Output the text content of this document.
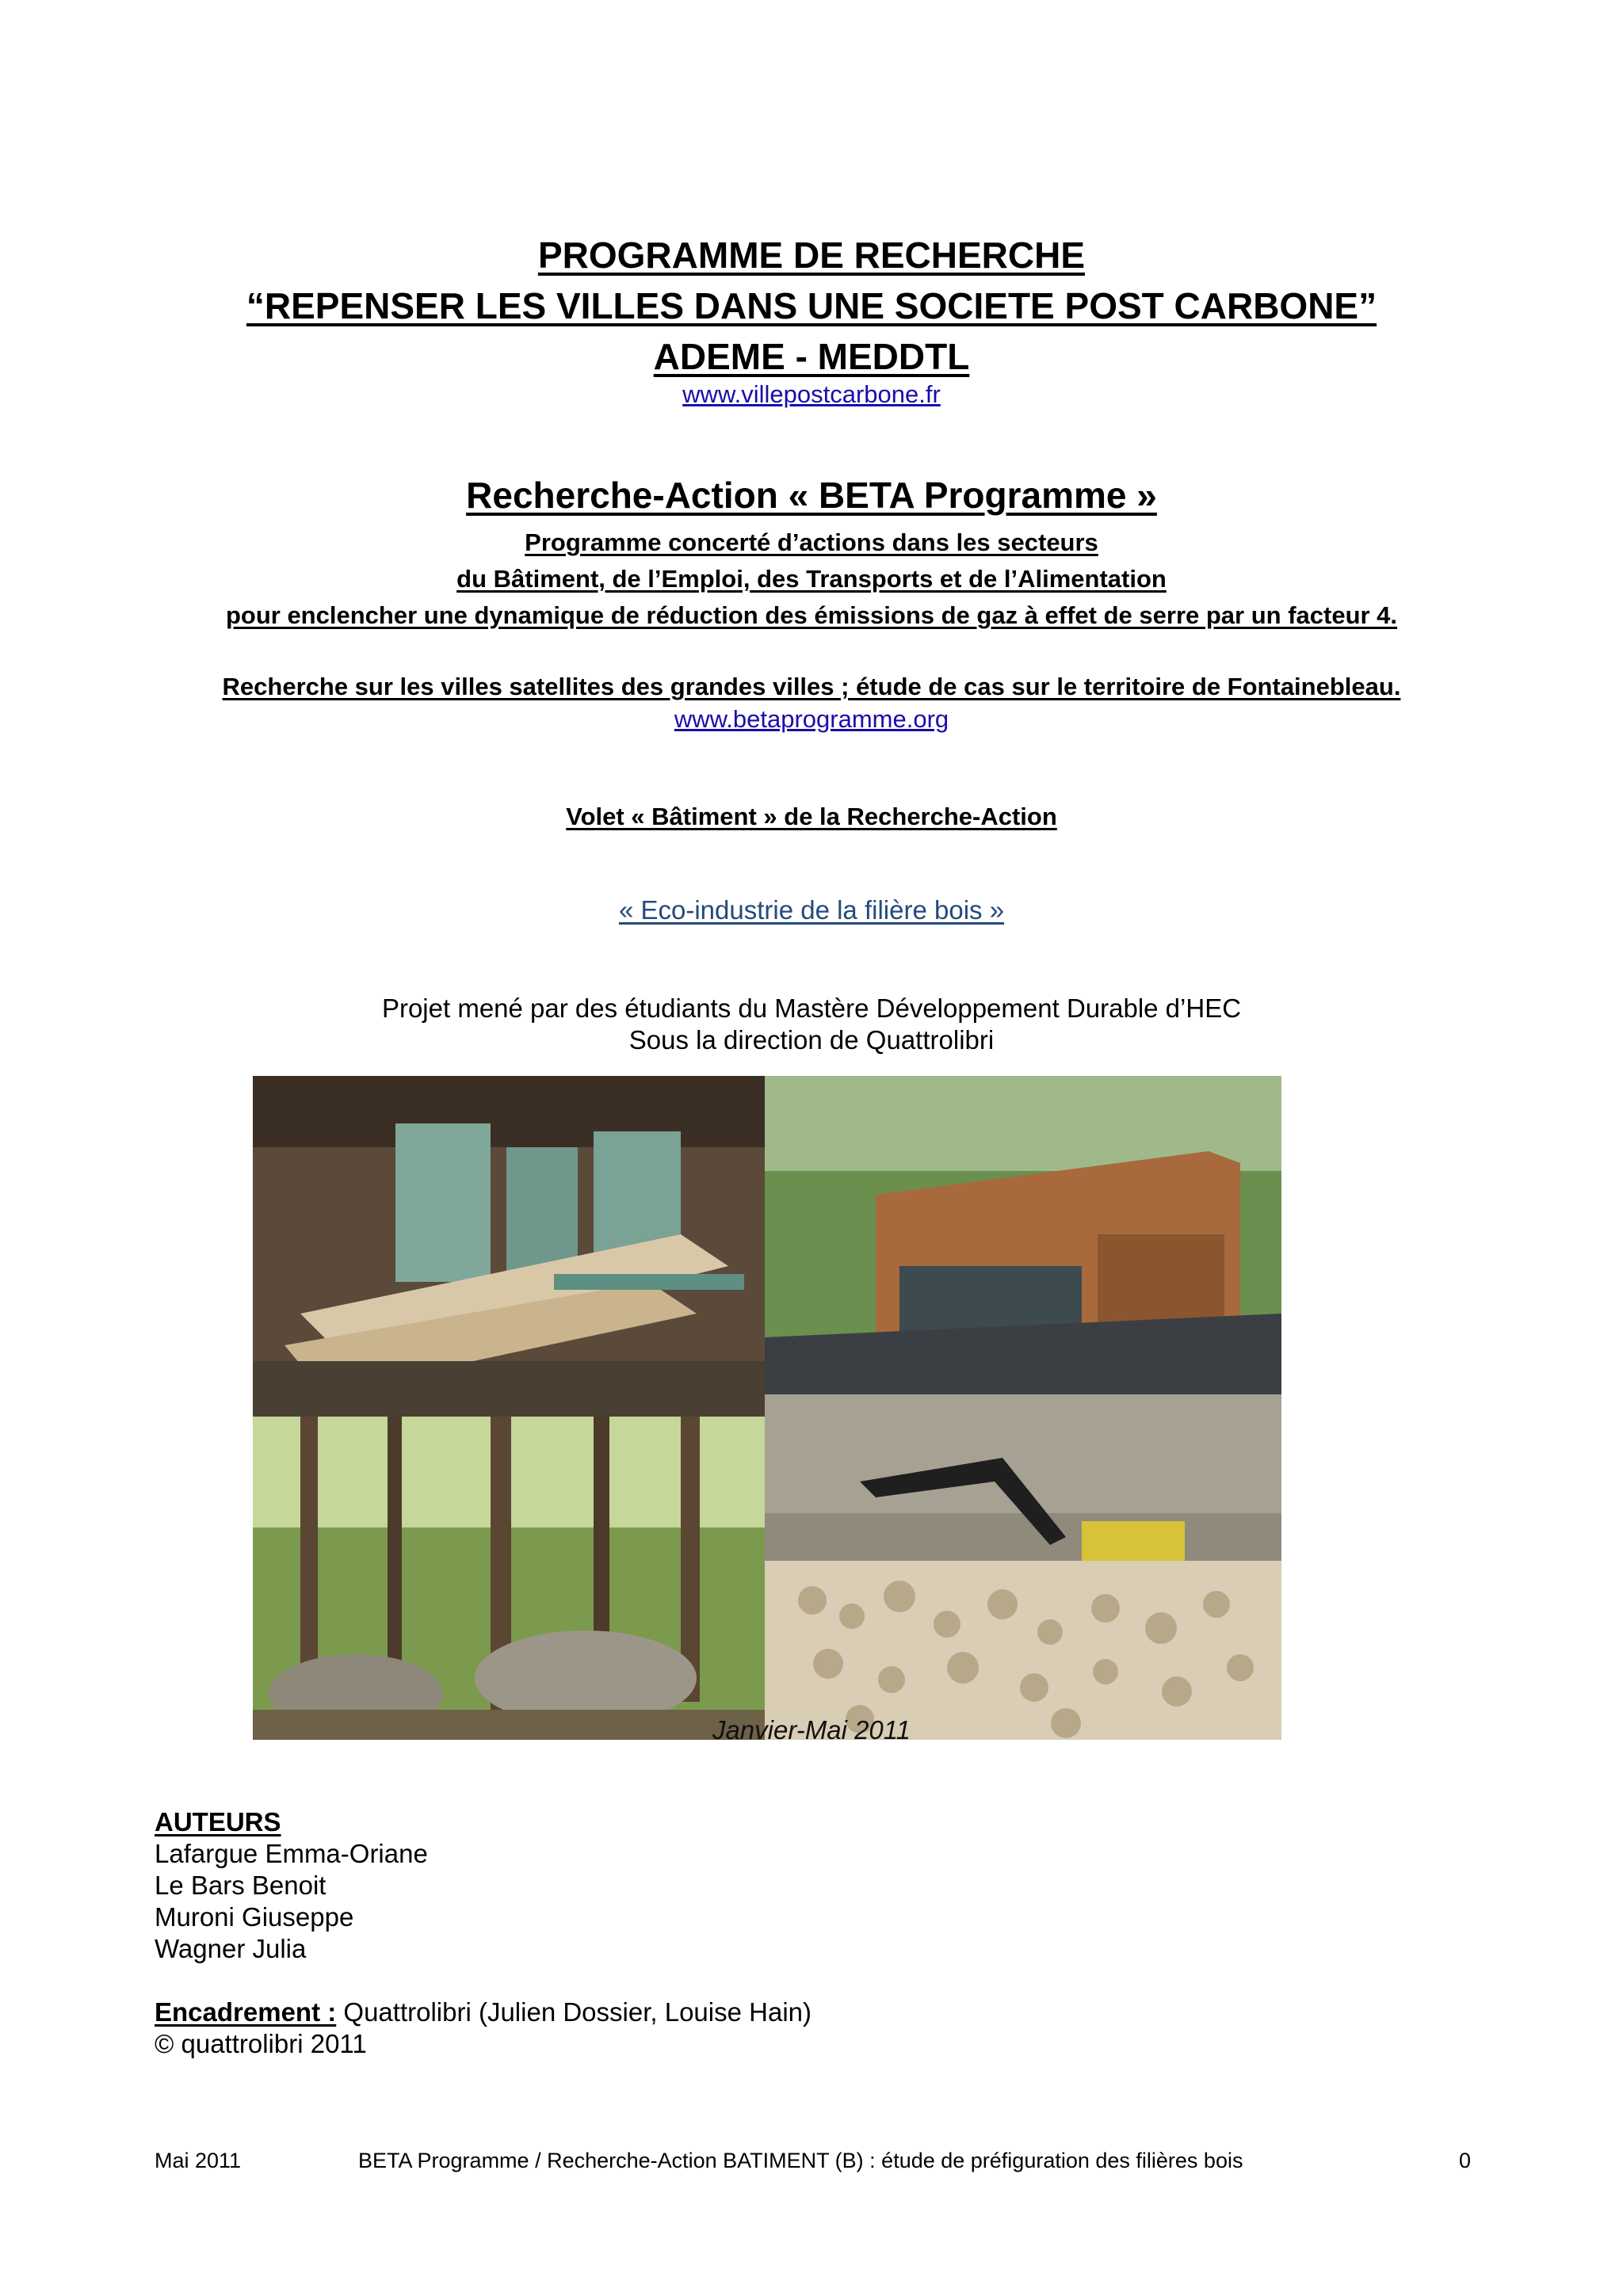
PROGRAMME DE RECHERCHE
“REPENSER LES VILLES DANS UNE SOCIETE POST CARBONE”
ADEME - MEDDTL
www.villepostcarbone.fr
Recherche-Action « BETA Programme »
Programme concerté d’actions dans les secteurs
du Bâtiment, de l’Emploi, des Transports et de l’Alimentation
pour enclencher une dynamique de réduction des émissions de gaz à effet de serre par un facteur 4.
Recherche sur les villes satellites des grandes villes ; étude de cas sur le territoire de Fontainebleau.
www.betaprogramme.org
Volet « Bâtiment » de la Recherche-Action
« Eco-industrie de la filière bois »
Projet mené par des étudiants du Mastère Développement Durable d’HEC
Sous la direction de Quattrolibri
Janvier-Mai 2011
AUTEURS
Lafargue Emma-Oriane
Le Bars Benoit
Muroni Giuseppe
Wagner Julia
Encadrement : Quattrolibri (Julien Dossier, Louise Hain)
© quattrolibri 2011
Mai 2011	BETA Programme / Recherche-Action BATIMENT (B) : étude de préfiguration des filières bois	0
